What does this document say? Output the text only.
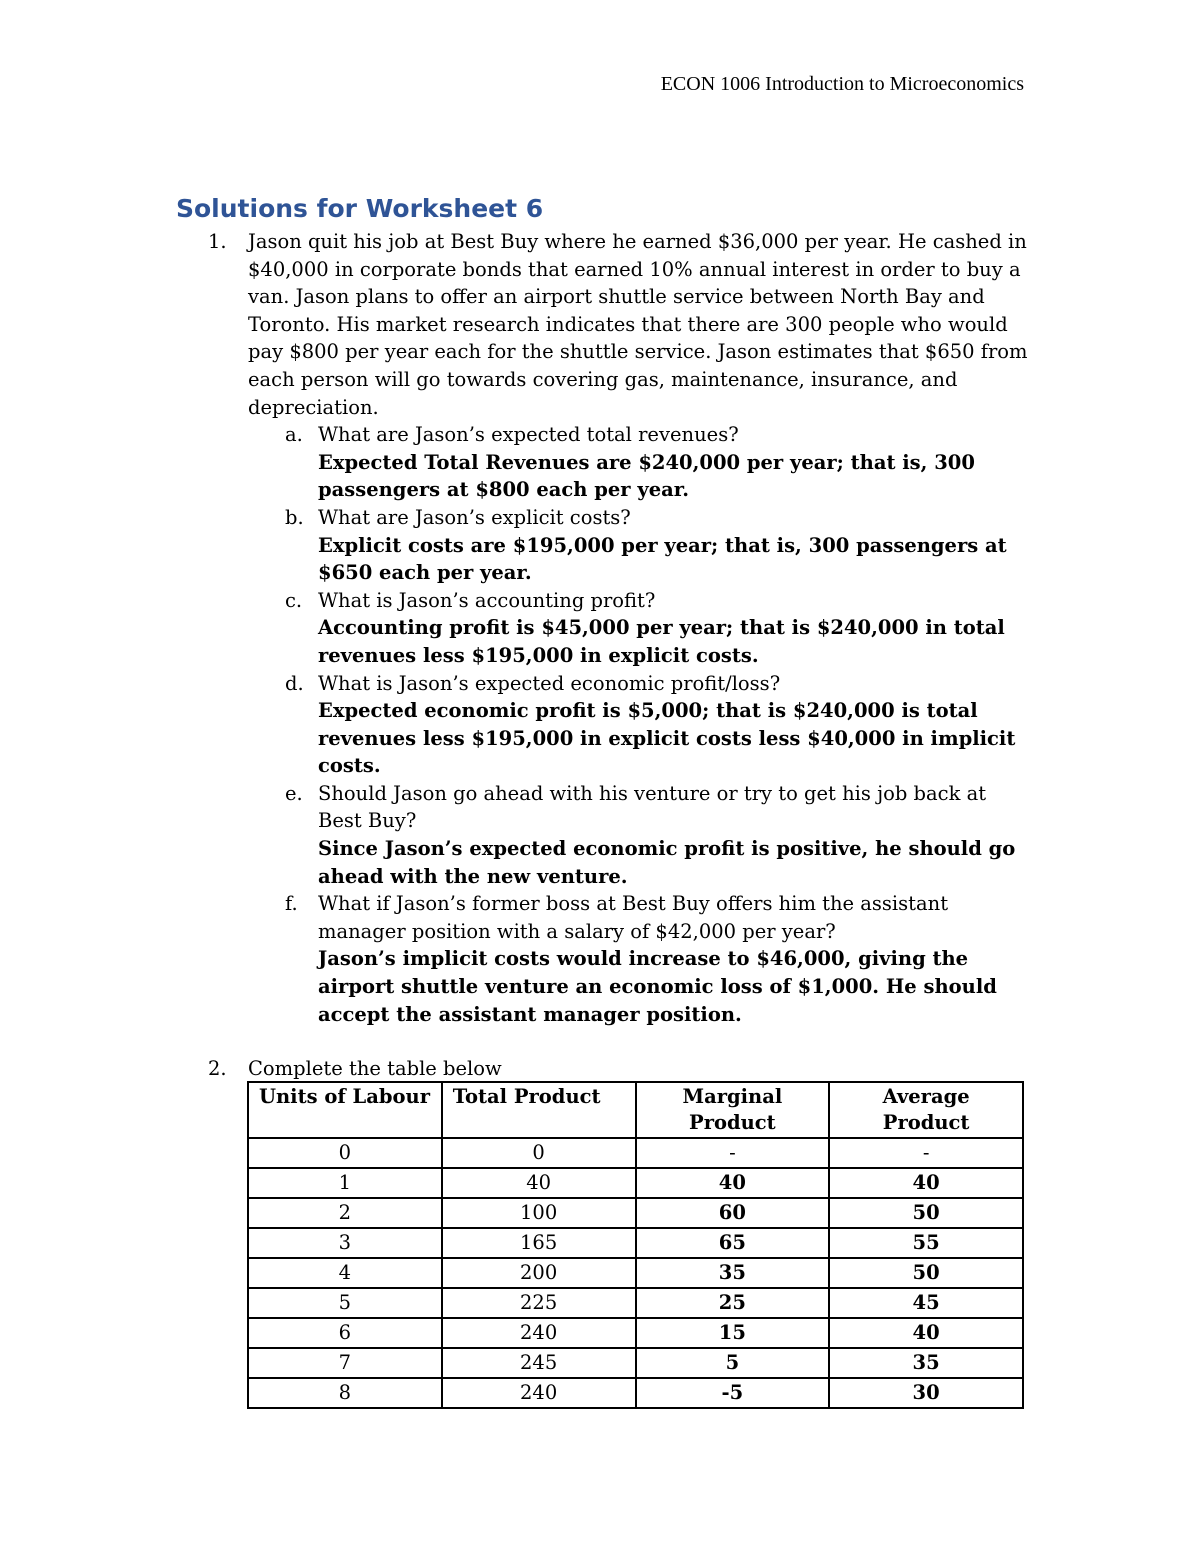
ECON 1006 Introduction to Microeconomics
Solutions for Worksheet 6
1. Jason quit his job at Best Buy where he earned $36,000 per year. He cashed in $40,000 in corporate bonds that earned 10% annual interest in order to buy a van. Jason plans to offer an airport shuttle service between North Bay and Toronto. His market research indicates that there are 300 people who would pay $800 per year each for the shuttle service. Jason estimates that $650 from each person will go towards covering gas, maintenance, insurance, and depreciation.
a. What are Jason’s expected total revenues?
Expected Total Revenues are $240,000 per year; that is, 300 passengers at $800 each per year.
b. What are Jason’s explicit costs?
Explicit costs are $195,000 per year; that is, 300 passengers at $650 each per year.
c. What is Jason’s accounting profit?
Accounting profit is $45,000 per year; that is $240,000 in total revenues less $195,000 in explicit costs.
d. What is Jason’s expected economic profit/loss?
Expected economic profit is $5,000; that is $240,000 is total revenues less $195,000 in explicit costs less $40,000 in implicit costs.
e. Should Jason go ahead with his venture or try to get his job back at Best Buy?
Since Jason’s expected economic profit is positive, he should go ahead with the new venture.
f. What if Jason’s former boss at Best Buy offers him the assistant manager position with a salary of $42,000 per year?
Jason’s implicit costs would increase to $46,000, giving the airport shuttle venture an economic loss of $1,000. He should accept the assistant manager position.
2. Complete the table below
Units of Labour	Total Product	Marginal Product	Average Product
0	0	-	-
1	40	40	40
2	100	60	50
3	165	65	55
4	200	35	50
5	225	25	45
6	240	15	40
7	245	5	35
8	240	-5	30
